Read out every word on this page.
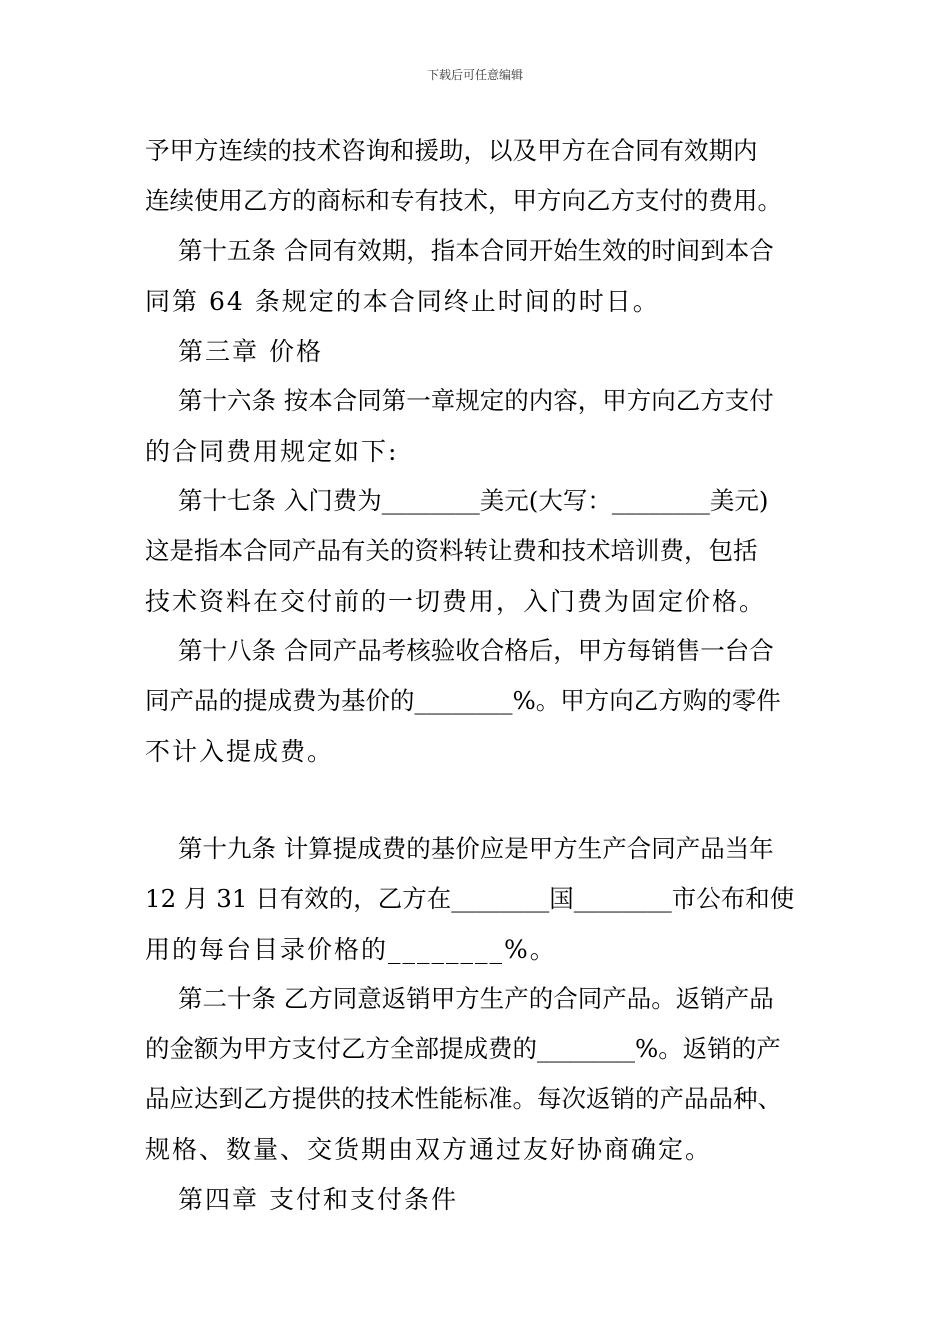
下载后可任意编辑
予甲方连续的技术咨询和援助，以及甲方在合同有效期内
连续使用乙方的商标和专有技术，甲方向乙方支付的费用。
第十五条 合同有效期，指本合同开始生效的时间到本合
同第 64 条规定的本合同终止时间的时日。
第三章 价格
第十六条 按本合同第一章规定的内容，甲方向乙方支付
的合同费用规定如下:
第十七条 入门费为________美元(大写：________美元)
这是指本合同产品有关的资料转让费和技术培训费，包括
技术资料在交付前的一切费用，入门费为固定价格。
第十八条 合同产品考核验收合格后，甲方每销售一台合
同产品的提成费为基价的________%。甲方向乙方购的零件
不计入提成费。
第十九条 计算提成费的基价应是甲方生产合同产品当年
12 月 31 日有效的，乙方在________国________市公布和使
用的每台目录价格的________%。
第二十条 乙方同意返销甲方生产的合同产品。返销产品
的金额为甲方支付乙方全部提成费的________%。返销的产
品应达到乙方提供的技术性能标准。每次返销的产品品种、
规格、数量、交货期由双方通过友好协商确定。
第四章 支付和支付条件
